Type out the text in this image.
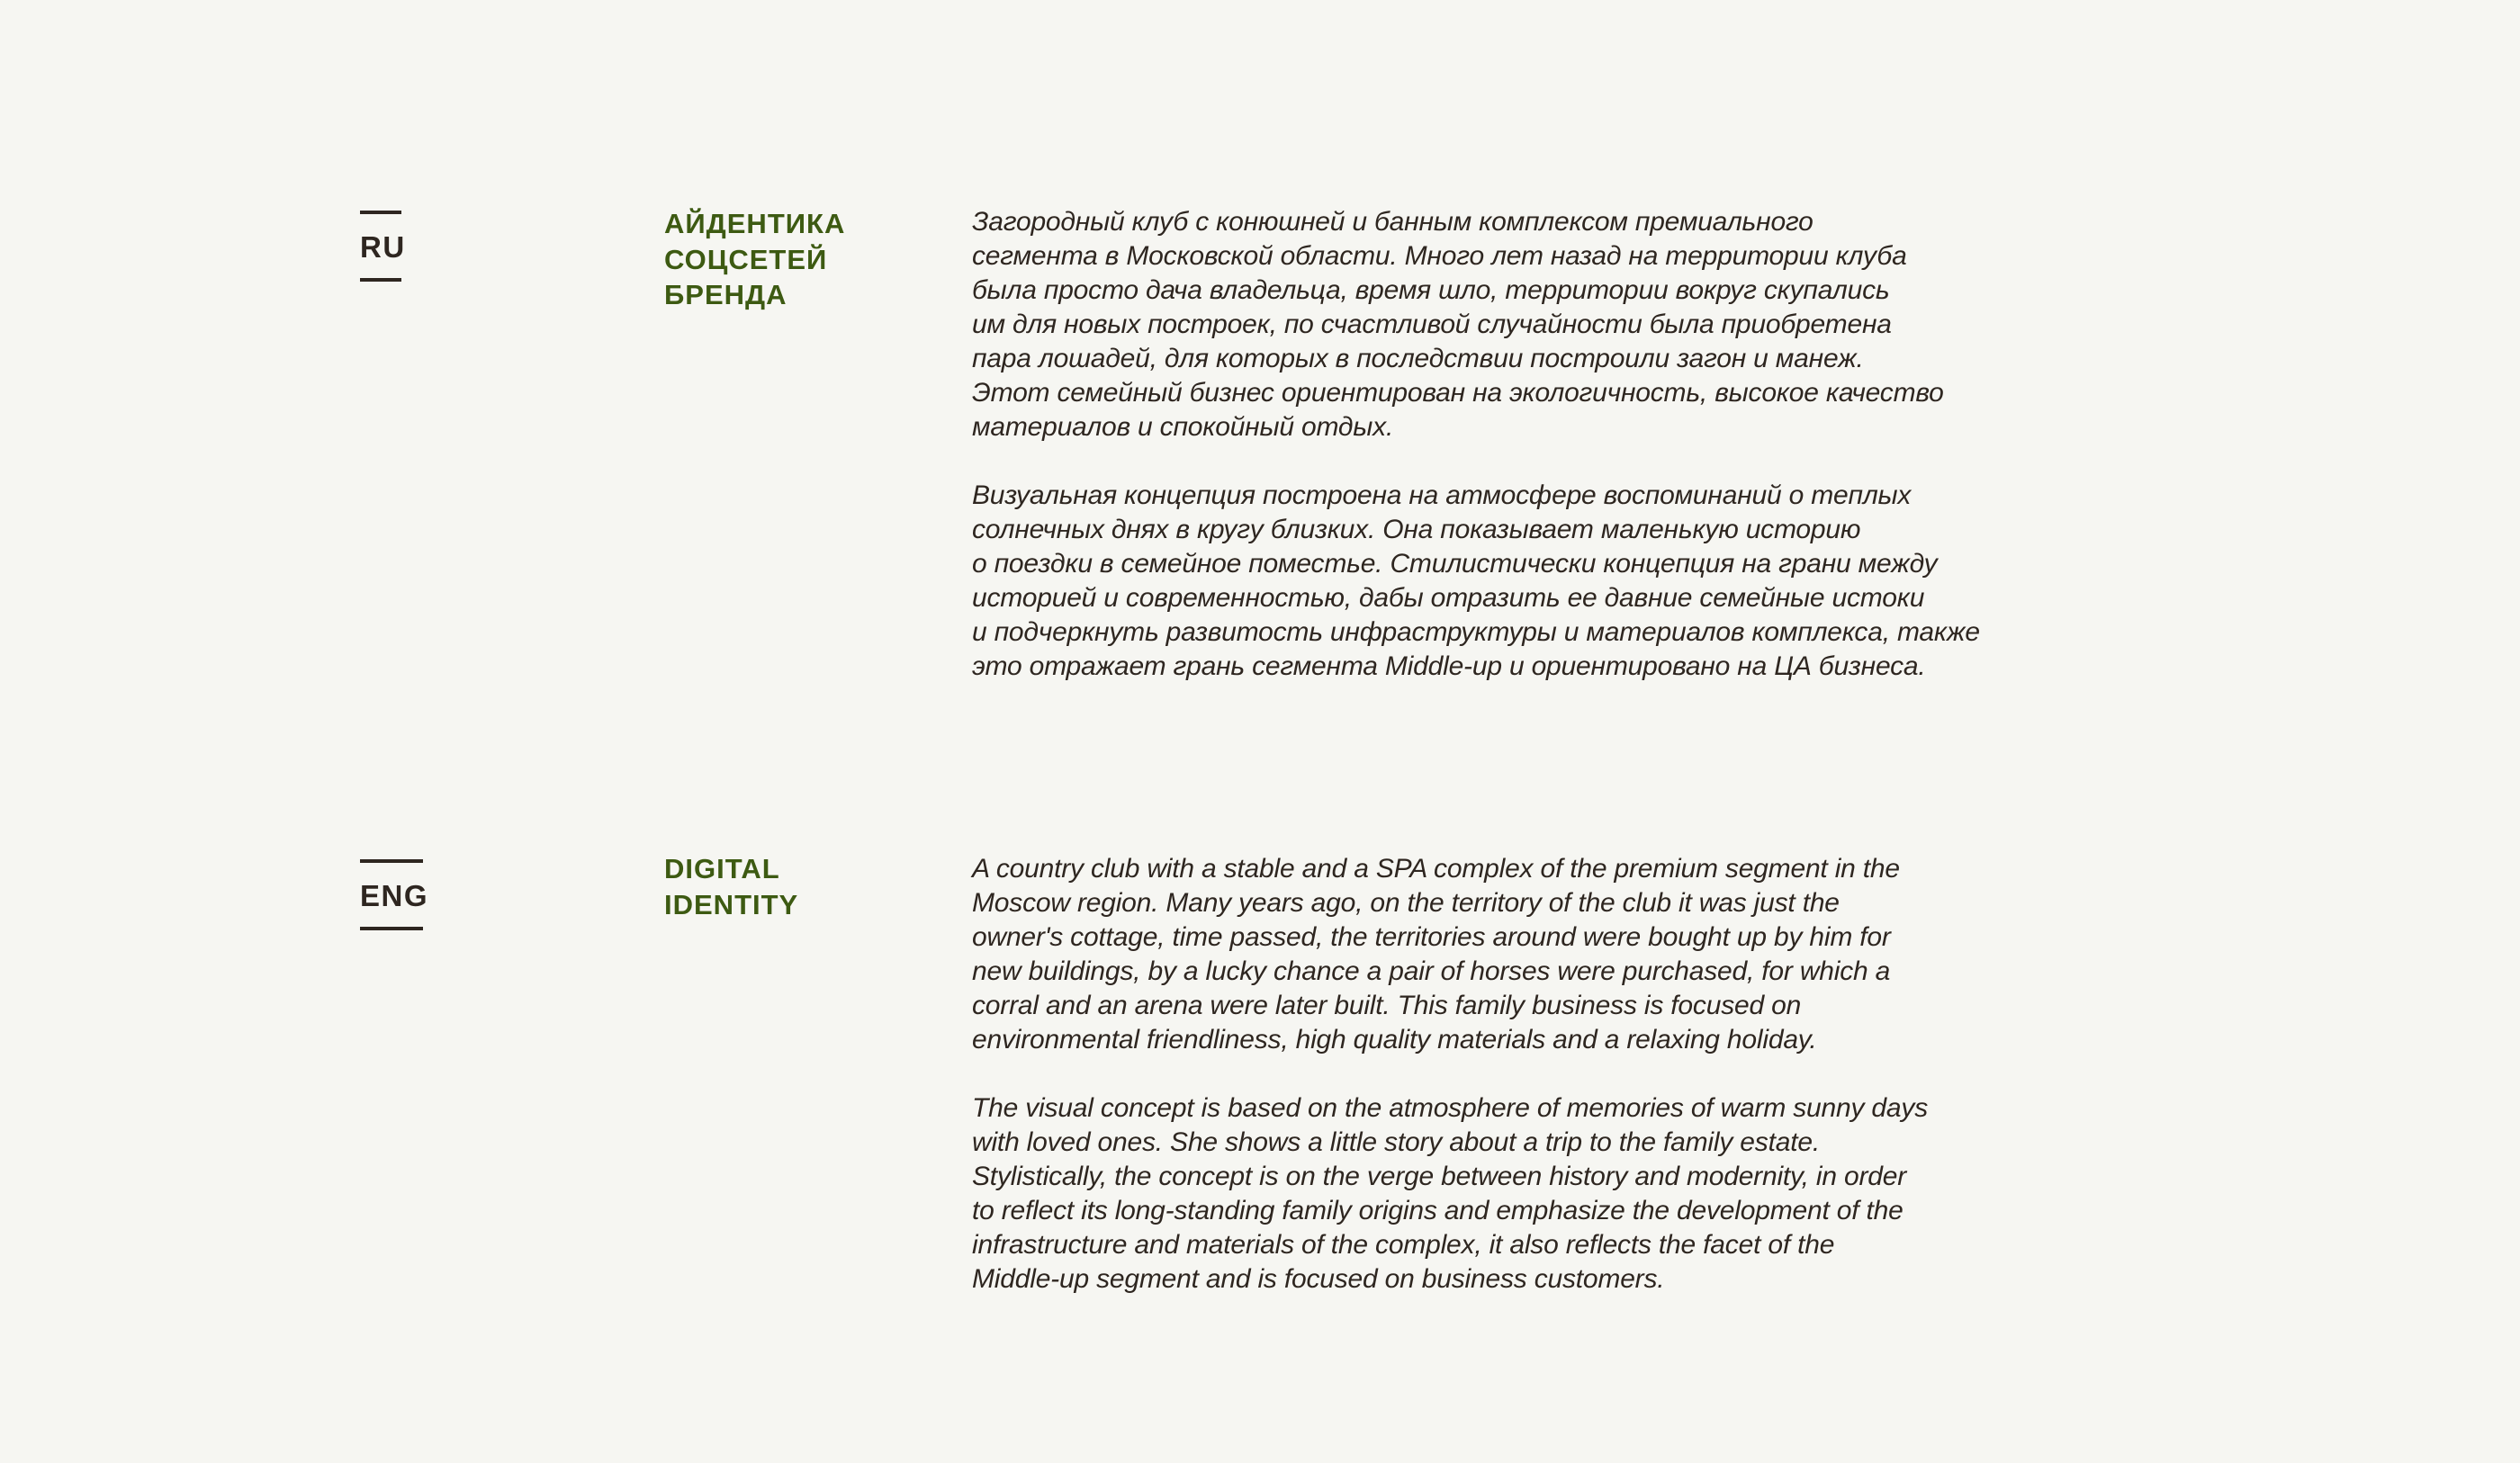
RU
АЙДЕНТИКА
СОЦСЕТЕЙ
БРЕНДА

Загородный клуб с конюшней и банным комплексом премиального
сегмента в Московской области. Много лет назад на территории клуба
была просто дача владельца, время шло, территории вокруг скупались
им для новых построек, по счастливой случайности была приобретена
пара лошадей, для которых в последствии построили загон и манеж.
Этот семейный бизнес ориентирован на экологичность, высокое качество
материалов и спокойный отдых.

Визуальная концепция построена на атмосфере воспоминаний о теплых
солнечных днях в кругу близких. Она показывает маленькую историю
о поездки в семейное поместье. Стилистически концепция на грани между
историей и современностью, дабы отразить ее давние семейные истоки
и подчеркнуть развитость инфраструктуры и материалов комплекса, также
это отражает грань сегмента Middle-up и ориентировано на ЦА бизнеса.

ENG
DIGITAL
IDENTITY

A country club with a stable and a SPA complex of the premium segment in the
Moscow region. Many years ago, on the territory of the club it was just the
owner's cottage, time passed, the territories around were bought up by him for
new buildings, by a lucky chance a pair of horses were purchased, for which a
corral and an arena were later built. This family business is focused on
environmental friendliness, high quality materials and a relaxing holiday.

The visual concept is based on the atmosphere of memories of warm sunny days
with loved ones. She shows a little story about a trip to the family estate.
Stylistically, the concept is on the verge between history and modernity, in order
to reflect its long-standing family origins and emphasize the development of the
infrastructure and materials of the complex, it also reflects the facet of the
Middle-up segment and is focused on business customers.
